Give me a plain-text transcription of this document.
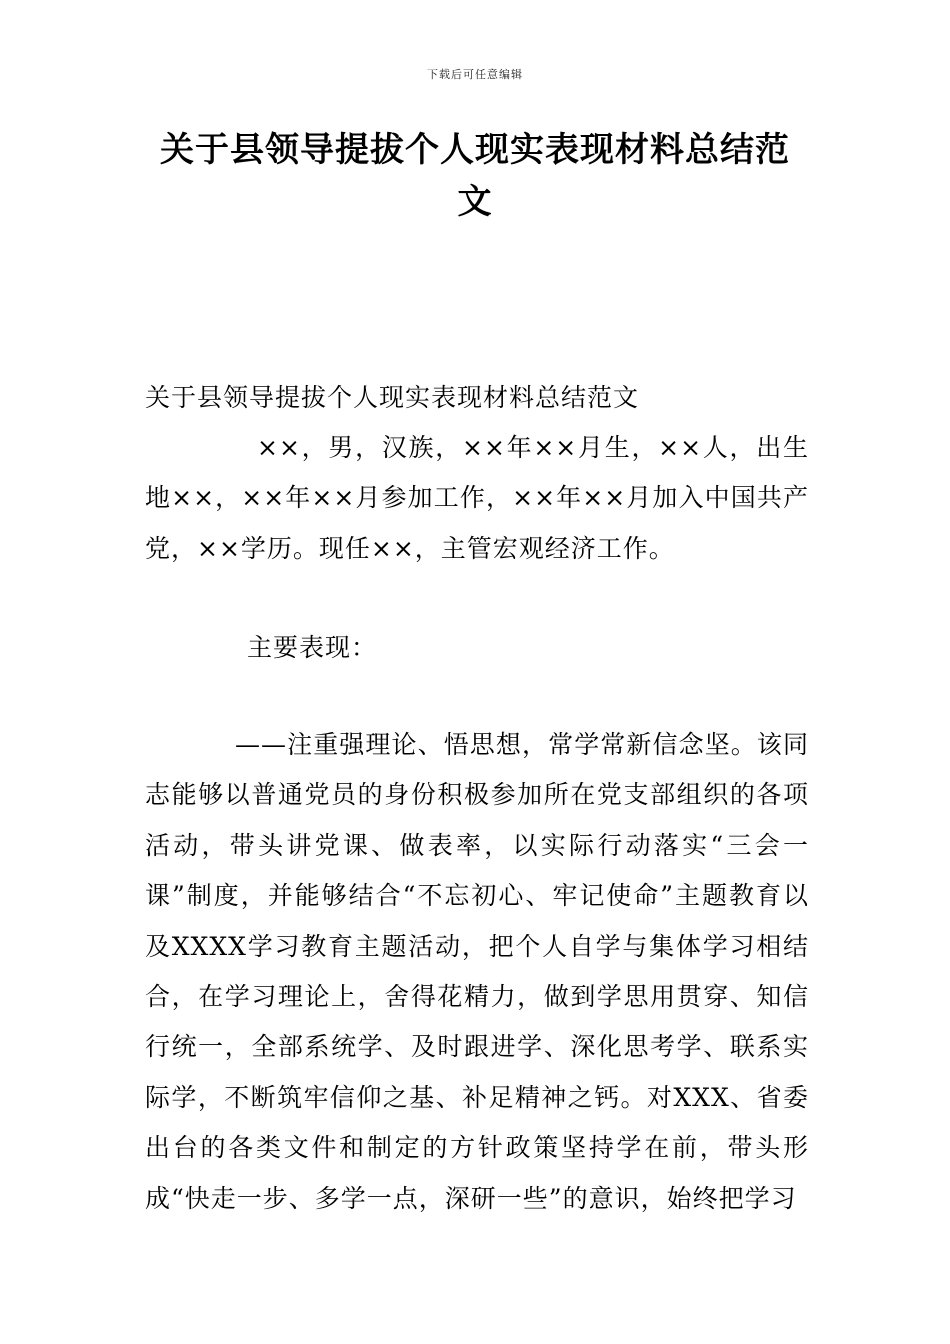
下载后可任意编辑
关于县领导提拔个人现实表现材料总结范文

关于县领导提拔个人现实表现材料总结范文

××，男，汉族，××年××月生，××人，出生地××，××年××月参加工作，××年××月加入中国共产党，××学历。现任××，主管宏观经济工作。

主要表现：

——注重强理论、悟思想，常学常新信念坚。该同志能够以普通党员的身份积极参加所在党支部组织的各项活动，带头讲党课、做表率，以实际行动落实“三会一课”制度，并能够结合“不忘初心、牢记使命”主题教育以及XXXX学习教育主题活动，把个人自学与集体学习相结合，在学习理论上，舍得花精力，做到学思用贯穿、知信行统一，全部系统学、及时跟进学、深化思考学、联系实际学，不断筑牢信仰之基、补足精神之钙。对XXX、省委出台的各类文件和制定的方针政策坚持学在前，带头形成“快走一步、多学一点，深研一些”的意识，始终把学习
